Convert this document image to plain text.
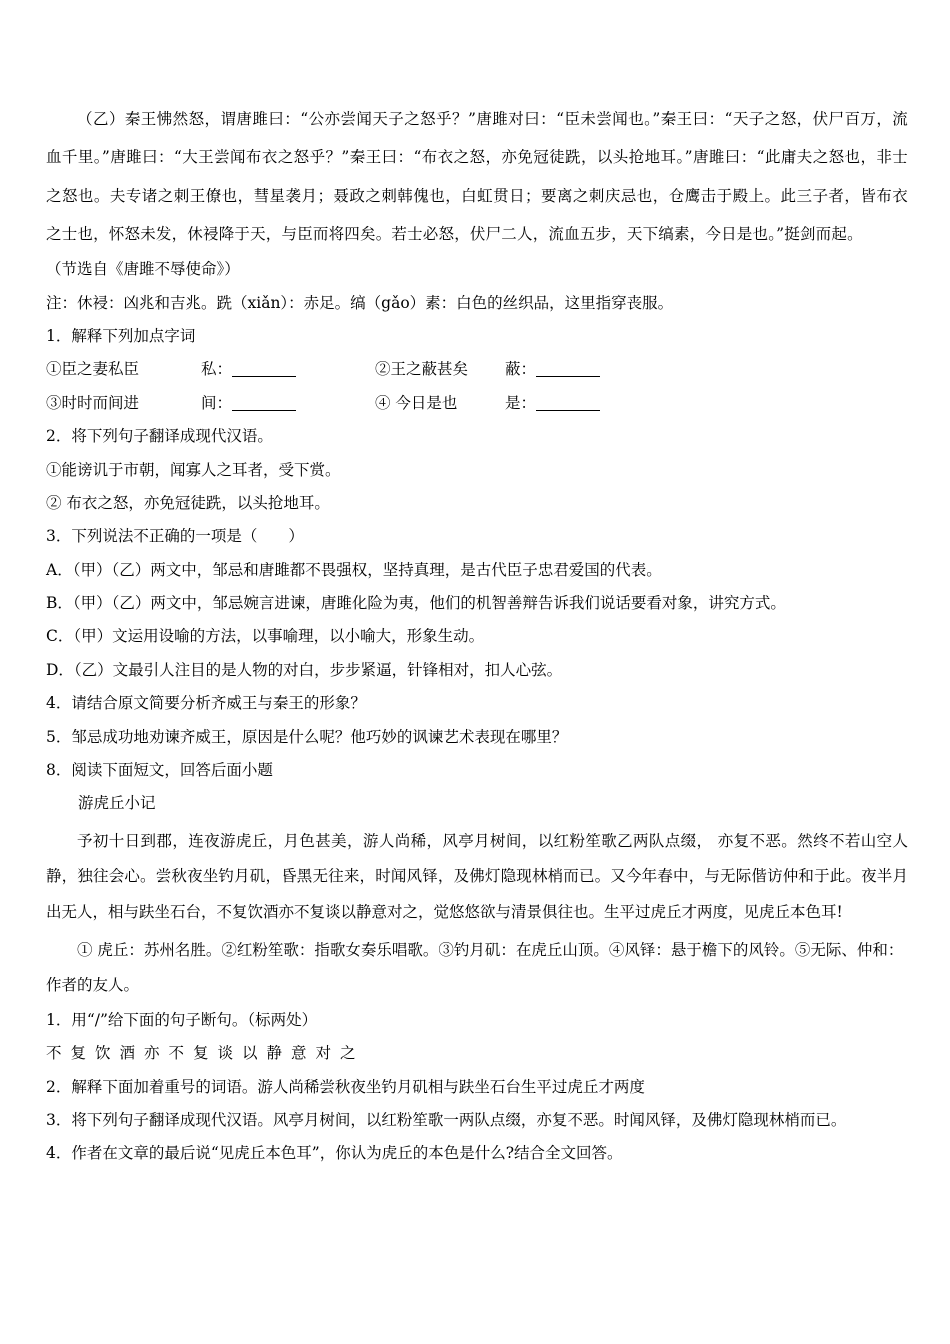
（乙）秦王怫然怒，谓唐雎曰：“公亦尝闻天子之怒乎？”唐雎对曰：“臣未尝闻也。”秦王曰：“天子之怒，伏尸百万，流血千里。”唐雎曰：“大王尝闻布衣之怒乎？”秦王曰：“布衣之怒，亦免冠徒跣，以头抢地耳。”唐雎曰：“此庸夫之怒也，非士之怒也。夫专诸之刺王僚也，彗星袭月；聂政之刺韩傀也，白虹贯日；要离之刺庆忌也，仓鹰击于殿上。此三子者，皆布衣之士也，怀怒未发，休祲降于天，与臣而将四矣。若士必怒，伏尸二人，流血五步，天下缟素，今日是也。”挺剑而起。
（节选自《唐雎不辱使命》）
注：休祲：凶兆和吉兆。跣（xiǎn）：赤足。缟（gǎo）素：白色的丝织品，这里指穿丧服。
1．解释下列加点字词
①臣之妻私臣	私：	②王之蔽甚矣 蔽：
③时时而间进	间：	④ 今日是也	是：
2．将下列句子翻译成现代汉语。
①能谤讥于市朝，闻寡人之耳者，受下赏。
② 布衣之怒，亦免冠徒跣，以头抢地耳。
3．下列说法不正确的一项是（　　）
A．（甲）（乙）两文中，邹忌和唐雎都不畏强权，坚持真理，是古代臣子忠君爱国的代表。
B．（甲）（乙）两文中，邹忌婉言进谏，唐雎化险为夷，他们的机智善辩告诉我们说话要看对象，讲究方式。
C．（甲）文运用设喻的方法，以事喻理，以小喻大，形象生动。
D．（乙）文最引人注目的是人物的对白，步步紧逼，针锋相对，扣人心弦。
4．请结合原文简要分析齐威王与秦王的形象？
5．邹忌成功地劝谏齐威王，原因是什么呢？他巧妙的讽谏艺术表现在哪里？
8．阅读下面短文，回答后面小题
游虎丘小记
予初十日到郡，连夜游虎丘，月色甚美，游人尚稀，风亭月树间，以红粉笙歌乙两队点缀， 亦复不恶。然终不若山空人静，独往会心。尝秋夜坐钓月矶，昏黑无往来，时闻风铎，及佛灯隐现林梢而已。又今年春中，与无际偕访仲和于此。夜半月出无人，相与趺坐石台，不复饮酒亦不复谈以静意对之，觉悠悠欲与清景俱往也。生平过虎丘才两度，见虎丘本色耳!
① 虎丘：苏州名胜。②红粉笙歌：指歌女奏乐唱歌。③钓月矶：在虎丘山顶。④风铎：悬于檐下的风铃。⑤无际、仲和：作者的友人。
1．用“/”给下面的句子断句。（标两处）
不复饮酒亦不复谈以静意对之
2．解释下面加着重号的词语。游人尚稀尝秋夜坐钓月矶相与趺坐石台生平过虎丘才两度
3．将下列句子翻译成现代汉语。风亭月树间，以红粉笙歌一两队点缀，亦复不恶。时闻风铎，及佛灯隐现林梢而已。
4．作者在文章的最后说“见虎丘本色耳”，你认为虎丘的本色是什么?结合全文回答。
